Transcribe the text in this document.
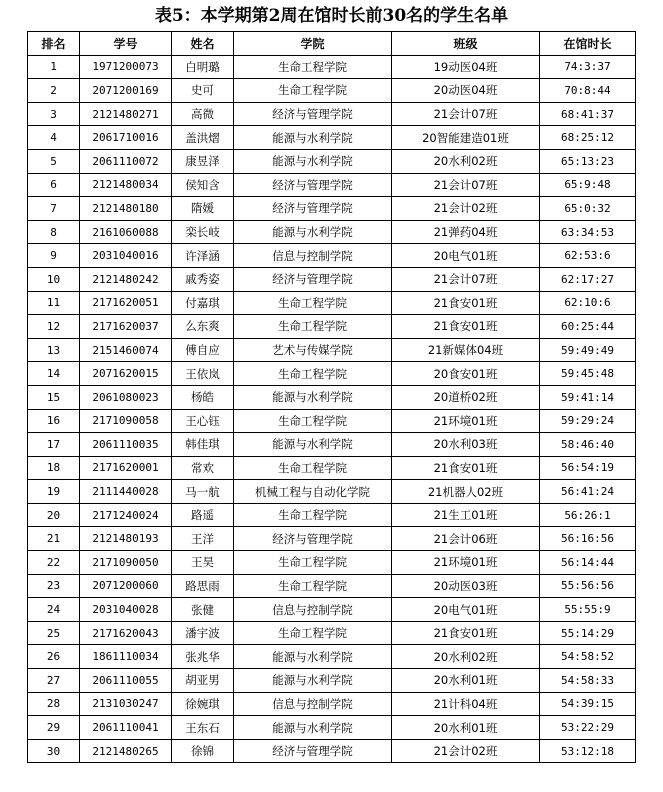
表5：本学期第2周在馆时长前30名的学生名单
排名	学号	姓名	学院	班级	在馆时长
1	1971200073	白明璐	生命工程学院	19动医04班	74:3:37
2	2071200169	史可	生命工程学院	20动医04班	70:8:44
3	2121480271	高微	经济与管理学院	21会计07班	68:41:37
4	2061710016	盖洪熠	能源与水利学院	20智能建造01班	68:25:12
5	2061110072	康昱泽	能源与水利学院	20水利02班	65:13:23
6	2121480034	侯知含	经济与管理学院	21会计07班	65:9:48
7	2121480180	隋媛	经济与管理学院	21会计02班	65:0:32
8	2161060088	栾长岐	能源与水利学院	21弹药04班	63:34:53
9	2031040016	许泽涵	信息与控制学院	20电气01班	62:53:6
10	2121480242	戚秀姿	经济与管理学院	21会计07班	62:17:27
11	2171620051	付嘉琪	生命工程学院	21食安01班	62:10:6
12	2171620037	么东爽	生命工程学院	21食安01班	60:25:44
13	2151460074	傅自应	艺术与传媒学院	21新媒体04班	59:49:49
14	2071620015	王依岚	生命工程学院	20食安01班	59:45:48
15	2061080023	杨皓	能源与水利学院	20道桥02班	59:41:14
16	2171090058	王心钰	生命工程学院	21环境01班	59:29:24
17	2061110035	韩佳琪	能源与水利学院	20水利03班	58:46:40
18	2171620001	常欢	生命工程学院	21食安01班	56:54:19
19	2111440028	马一航	机械工程与自动化学院	21机器人02班	56:41:24
20	2171240024	路遥	生命工程学院	21生工01班	56:26:1
21	2121480193	王洋	经济与管理学院	21会计06班	56:16:56
22	2171090050	王昊	生命工程学院	21环境01班	56:14:44
23	2071200060	路思雨	生命工程学院	20动医03班	55:56:56
24	2031040028	张健	信息与控制学院	20电气01班	55:55:9
25	2171620043	潘宇波	生命工程学院	21食安01班	55:14:29
26	1861110034	张兆华	能源与水利学院	20水利02班	54:58:52
27	2061110055	胡亚男	能源与水利学院	20水利01班	54:58:33
28	2131030247	徐婉琪	信息与控制学院	21计科04班	54:39:15
29	2061110041	王东石	能源与水利学院	20水利01班	53:22:29
30	2121480265	徐锦	经济与管理学院	21会计02班	53:12:18
